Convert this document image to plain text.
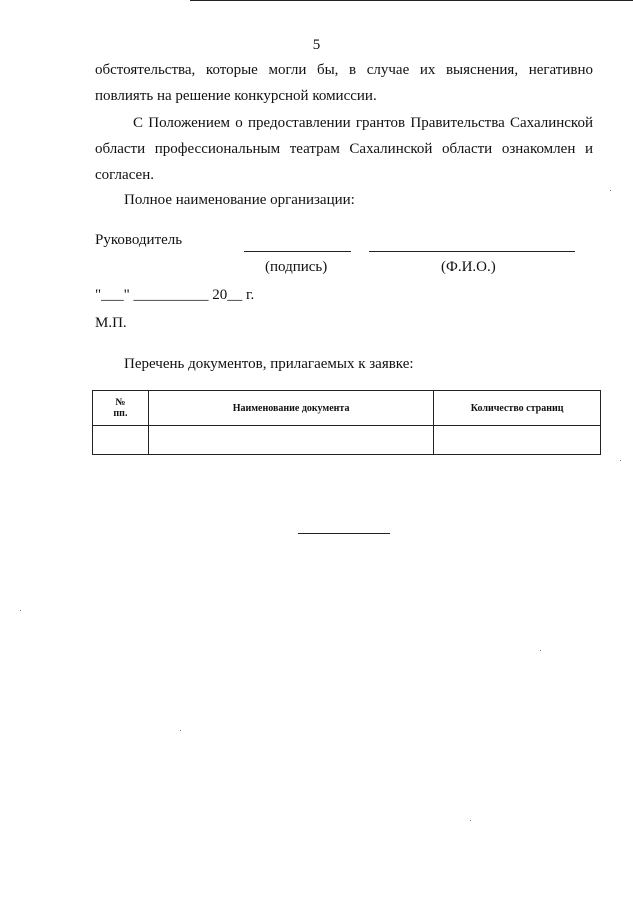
5
обстоятельства, которые могли бы, в случае их выяснения, негативно
повлиять на решение конкурсной комиссии.
С Положением о предоставлении грантов Правительства Сахалинской
области профессиональным театрам Сахалинской области ознакомлен и
согласен.
Полное наименование организации:
Руководитель
(подпись)	(Ф.И.О.)
"___" __________ 20__ г.
М.П.
Перечень документов, прилагаемых к заявке:
№
пп.	Наименование документа	Количество страниц
